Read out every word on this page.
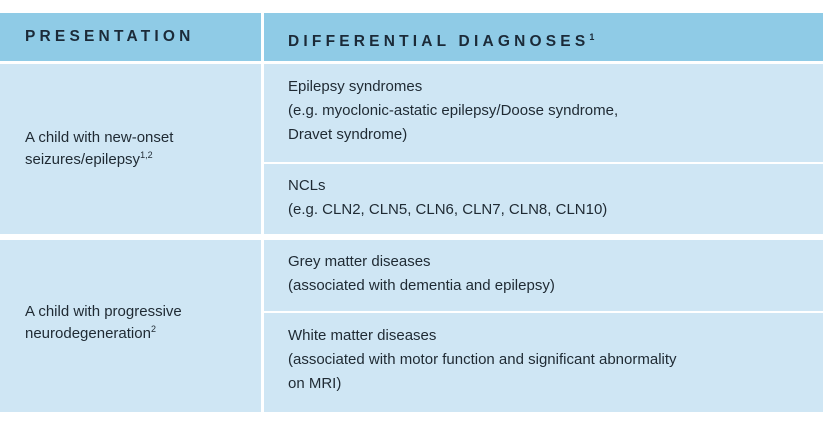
PRESENTATION	DIFFERENTIAL DIAGNOSES$^1$
A child with new-onset
seizures/epilepsy$^{1,2}$
Epilepsy syndromes
(e.g. myoclonic-astatic epilepsy/Doose syndrome,
Dravet syndrome)
NCLs
(e.g. CLN2, CLN5, CLN6, CLN7, CLN8, CLN10)
A child with progressive
neurodegeneration$^2$
Grey matter diseases
(associated with dementia and epilepsy)
White matter diseases
(associated with motor function and significant abnormality
on MRI)
